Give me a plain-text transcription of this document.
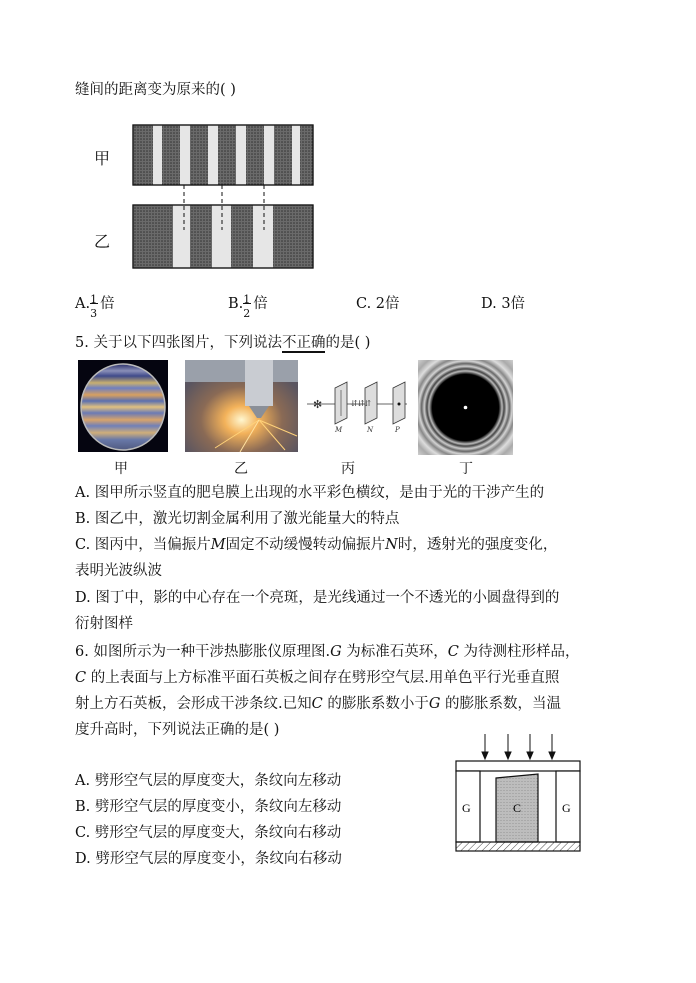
缝间的距离变为原来的( )
甲
乙
A. 1
3
倍	B. 1
2
倍	C. 2倍	D. 3倍
5. 关于以下四张图片，下列说法不正确的是( )
✻	⇵⇵⇵
M	N	P
甲	乙	丙	丁
A. 图甲所示竖直的肥皂膜上出现的水平彩色横纹，是由于光的干涉产生的
B. 图乙中，激光切割金属利用了激光能量大的特点
C. 图丙中，当偏振片M固定不动缓慢转动偏振片N时，透射光的强度变化，
表明光波纵波
D. 图丁中，影的中心存在一个亮斑，是光线通过一个不透光的小圆盘得到的
衍射图样
6. 如图所示为一种干涉热膨胀仪原理图.G 为标准石英环，C 为待测柱形样品，
C 的上表面与上方标准平面石英板之间存在劈形空气层.用单色平行光垂直照
射上方石英板，会形成干涉条纹.已知C 的膨胀系数小于G 的膨胀系数，当温
度升高时，下列说法正确的是( )
A. 劈形空气层的厚度变大，条纹向左移动
B. 劈形空气层的厚度变小，条纹向左移动
C. 劈形空气层的厚度变大，条纹向右移动
D. 劈形空气层的厚度变小，条纹向右移动
G	C	G
